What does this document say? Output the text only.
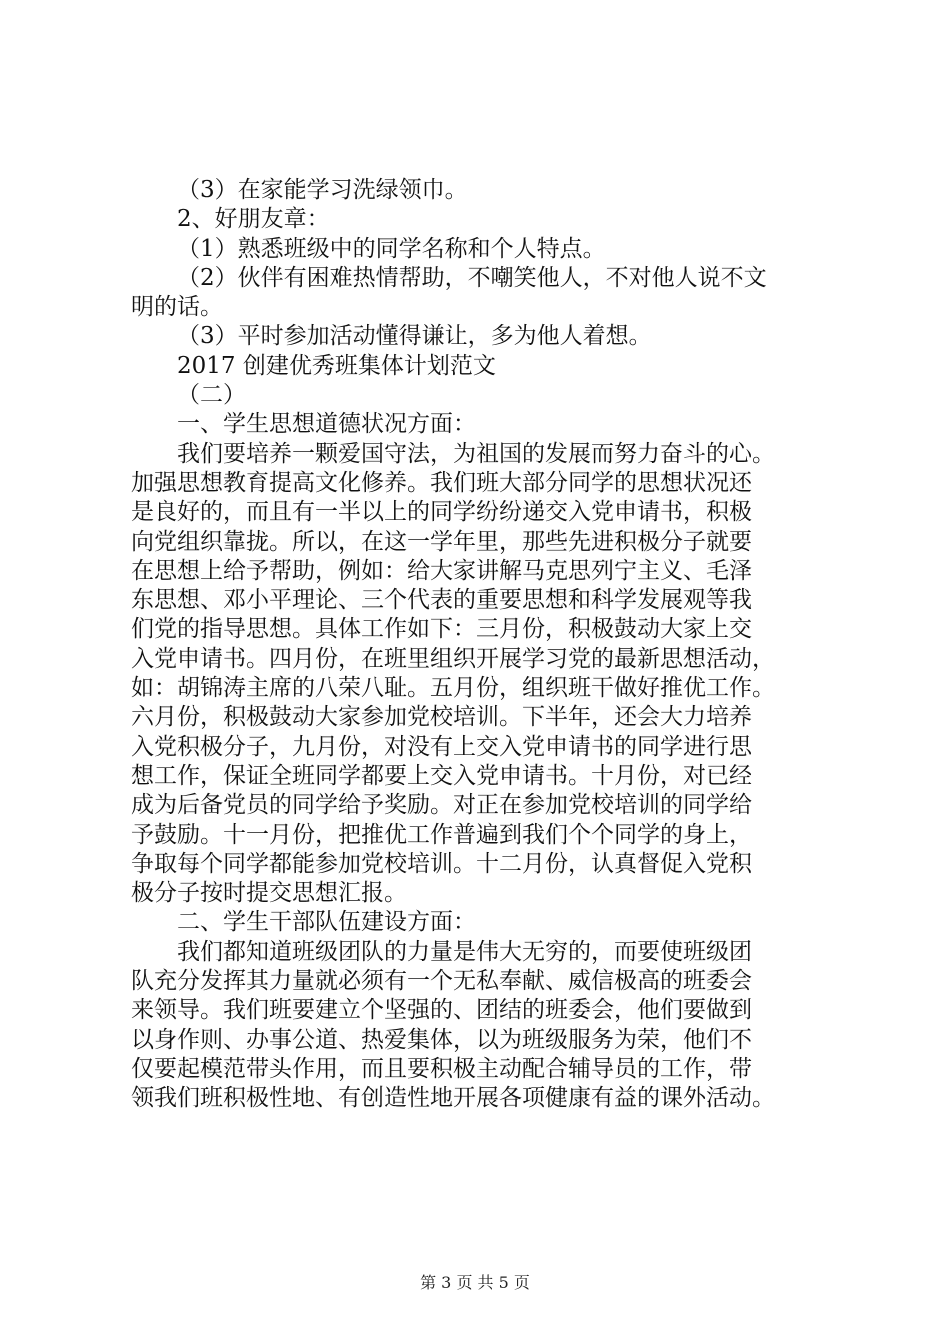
（3）在家能学习洗绿领巾。
2、好朋友章：
（1）熟悉班级中的同学名称和个人特点。
（2）伙伴有困难热情帮助，不嘲笑他人，不对他人说不文
明的话。
（3）平时参加活动懂得谦让，多为他人着想。
2017 创建优秀班集体计划范文
（二）
一、学生思想道德状况方面：
我们要培养一颗爱国守法，为祖国的发展而努力奋斗的心。
加强思想教育提高文化修养。我们班大部分同学的思想状况还
是良好的，而且有一半以上的同学纷纷递交入党申请书，积极
向党组织靠拢。所以，在这一学年里，那些先进积极分子就要
在思想上给予帮助，例如：给大家讲解马克思列宁主义、毛泽
东思想、邓小平理论、三个代表的重要思想和科学发展观等我
们党的指导思想。具体工作如下：三月份，积极鼓动大家上交
入党申请书。四月份，在班里组织开展学习党的最新思想活动，
如：胡锦涛主席的八荣八耻。五月份，组织班干做好推优工作。
六月份，积极鼓动大家参加党校培训。下半年，还会大力培养
入党积极分子，九月份，对没有上交入党申请书的同学进行思
想工作，保证全班同学都要上交入党申请书。十月份，对已经
成为后备党员的同学给予奖励。对正在参加党校培训的同学给
予鼓励。十一月份，把推优工作普遍到我们个个同学的身上，
争取每个同学都能参加党校培训。十二月份，认真督促入党积
极分子按时提交思想汇报。
二、学生干部队伍建设方面：
我们都知道班级团队的力量是伟大无穷的，而要使班级团
队充分发挥其力量就必须有一个无私奉献、威信极高的班委会
来领导。我们班要建立个坚强的、团结的班委会，他们要做到
以身作则、办事公道、热爱集体，以为班级服务为荣，他们不
仅要起模范带头作用，而且要积极主动配合辅导员的工作，带
领我们班积极性地、有创造性地开展各项健康有益的课外活动。
第 3 页 共 5 页
